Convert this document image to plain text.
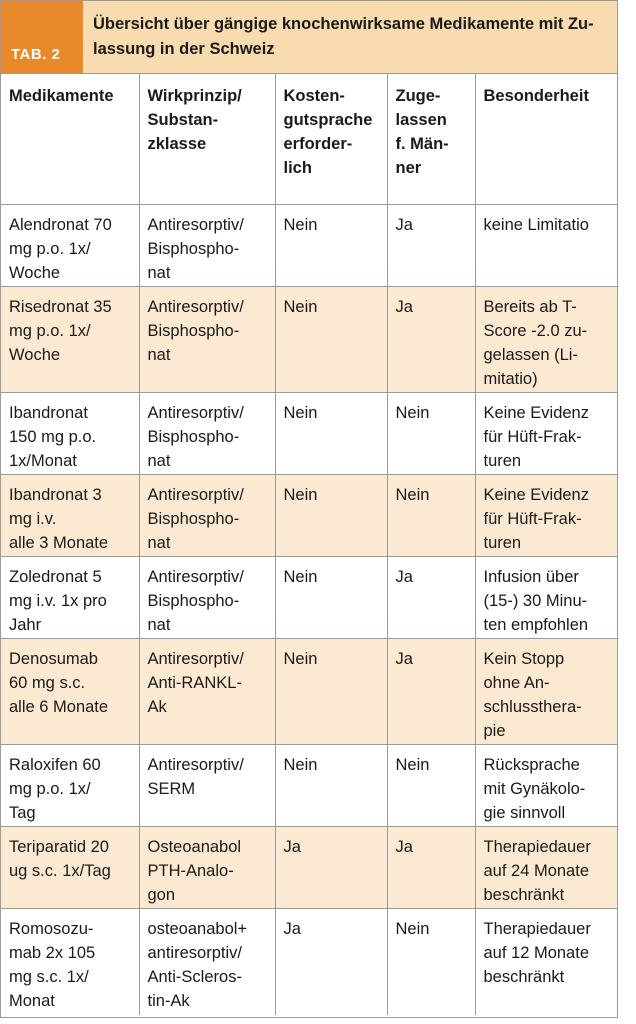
TAB. 2
Übersicht über gängige knochenwirksame Medikamente mit Zu-
lassung in der Schweiz
Medikamente	Wirkprinzip/
Substan-
zklasse	Kosten-
gutsprache
erforder-
lich	Zuge-
lassen
f. Män-
ner	Besonderheit
Alendronat 70
mg p.o. 1x/
Woche	Antiresorptiv/
Bisphospho-
nat	Nein	Ja	keine Limitatio
Risedronat 35
mg p.o. 1x/
Woche	Antiresorptiv/
Bisphospho-
nat	Nein	Ja	Bereits ab T-
Score -2.0 zu-
gelassen (Li-
mitatio)
Ibandronat
150 mg p.o.
1x/Monat	Antiresorptiv/
Bisphospho-
nat	Nein	Nein	Keine Evidenz
für Hüft-Frak-
turen
Ibandronat 3
mg i.v.
alle 3 Monate	Antiresorptiv/
Bisphospho-
nat	Nein	Nein	Keine Evidenz
für Hüft-Frak-
turen
Zoledronat 5
mg i.v. 1x pro
Jahr	Antiresorptiv/
Bisphospho-
nat	Nein	Ja	Infusion über
(15-) 30 Minu-
ten empfohlen
Denosumab
60 mg s.c.
alle 6 Monate	Antiresorptiv/
Anti-RANKL-
Ak	Nein	Ja	Kein Stopp
ohne An-
schlussthera-
pie
Raloxifen 60
mg p.o. 1x/
Tag	Antiresorptiv/
SERM	Nein	Nein	Rücksprache
mit Gynäkolo-
gie sinnvoll
Teriparatid 20
ug s.c. 1x/Tag	Osteoanabol
PTH-Analo-
gon	Ja	Ja	Therapiedauer
auf 24 Monate
beschränkt
Romosozu-
mab 2x 105
mg s.c. 1x/
Monat	osteoanabol+
antiresorptiv/
Anti-Scleros-
tin-Ak	Ja	Nein	Therapiedauer
auf 12 Monate
beschränkt
